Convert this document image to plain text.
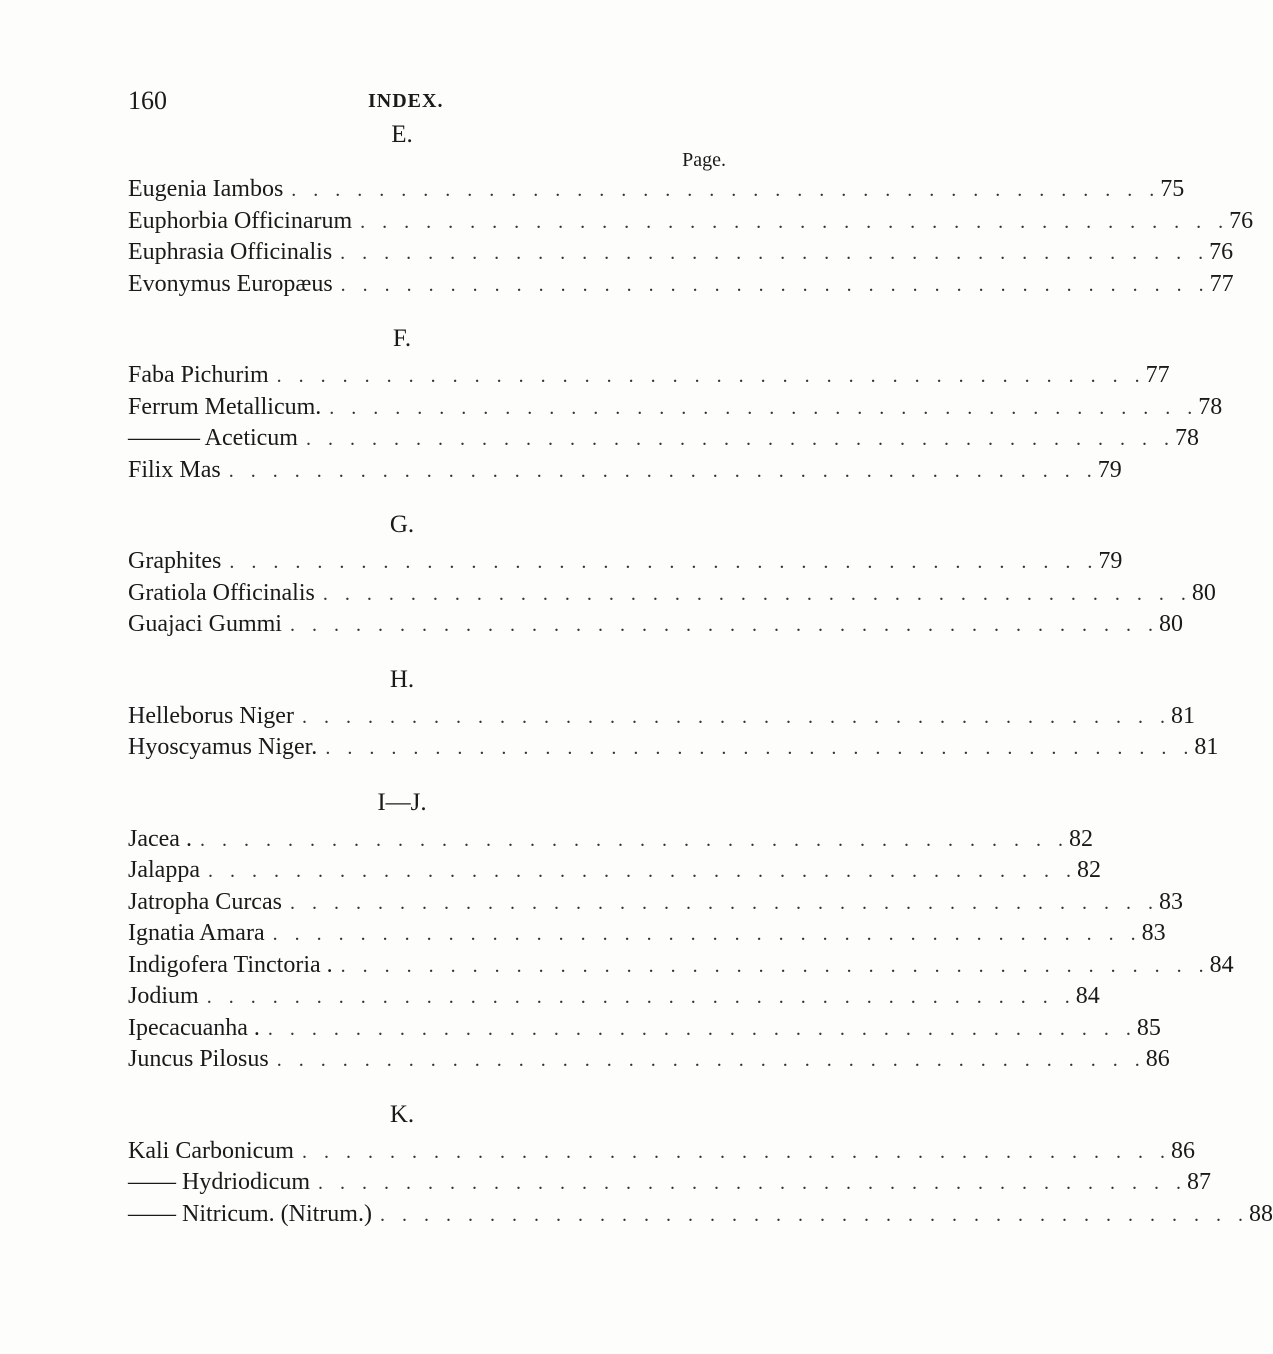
160	INDEX.
E.
Page.
Eugenia Iambos . . . . . . . . . . . . . . . . . . . . . . . . . . . . . . . . . . . . . . . . 75
Euphorbia Officinarum . . . . . . . . . . . . . . . . . . . . . . . . . . . . . . . . . . . . . . . . 76
Euphrasia Officinalis . . . . . . . . . . . . . . . . . . . . . . . . . . . . . . . . . . . . . . . . 76
Evonymus Europæus . . . . . . . . . . . . . . . . . . . . . . . . . . . . . . . . . . . . . . . . 77
F.
Faba Pichurim . . . . . . . . . . . . . . . . . . . . . . . . . . . . . . . . . . . . . . . . 77
Ferrum Metallicum. . . . . . . . . . . . . . . . . . . . . . . . . . . . . . . . . . . . . . . . . 78
——— Aceticum . . . . . . . . . . . . . . . . . . . . . . . . . . . . . . . . . . . . . . . . 78
Filix Mas . . . . . . . . . . . . . . . . . . . . . . . . . . . . . . . . . . . . . . . . 79
G.
Graphites . . . . . . . . . . . . . . . . . . . . . . . . . . . . . . . . . . . . . . . . 79
Gratiola Officinalis . . . . . . . . . . . . . . . . . . . . . . . . . . . . . . . . . . . . . . . . 80
Guajaci Gummi . . . . . . . . . . . . . . . . . . . . . . . . . . . . . . . . . . . . . . . . 80
H.
Helleborus Niger . . . . . . . . . . . . . . . . . . . . . . . . . . . . . . . . . . . . . . . . 81
Hyoscyamus Niger. . . . . . . . . . . . . . . . . . . . . . . . . . . . . . . . . . . . . . . . . 81
I—J.
Jacea . . . . . . . . . . . . . . . . . . . . . . . . . . . . . . . . . . . . . . . . . 82
Jalappa . . . . . . . . . . . . . . . . . . . . . . . . . . . . . . . . . . . . . . . . 82
Jatropha Curcas . . . . . . . . . . . . . . . . . . . . . . . . . . . . . . . . . . . . . . . . 83
Ignatia Amara . . . . . . . . . . . . . . . . . . . . . . . . . . . . . . . . . . . . . . . . 83
Indigofera Tinctoria . . . . . . . . . . . . . . . . . . . . . . . . . . . . . . . . . . . . . . . . . 84
Jodium . . . . . . . . . . . . . . . . . . . . . . . . . . . . . . . . . . . . . . . . 84
Ipecacuanha . . . . . . . . . . . . . . . . . . . . . . . . . . . . . . . . . . . . . . . . . 85
Juncus Pilosus . . . . . . . . . . . . . . . . . . . . . . . . . . . . . . . . . . . . . . . . 86
K.
Kali Carbonicum . . . . . . . . . . . . . . . . . . . . . . . . . . . . . . . . . . . . . . . . 86
—— Hydriodicum . . . . . . . . . . . . . . . . . . . . . . . . . . . . . . . . . . . . . . . . 87
—— Nitricum. (Nitrum.) . . . . . . . . . . . . . . . . . . . . . . . . . . . . . . . . . . . . . . . . 88
